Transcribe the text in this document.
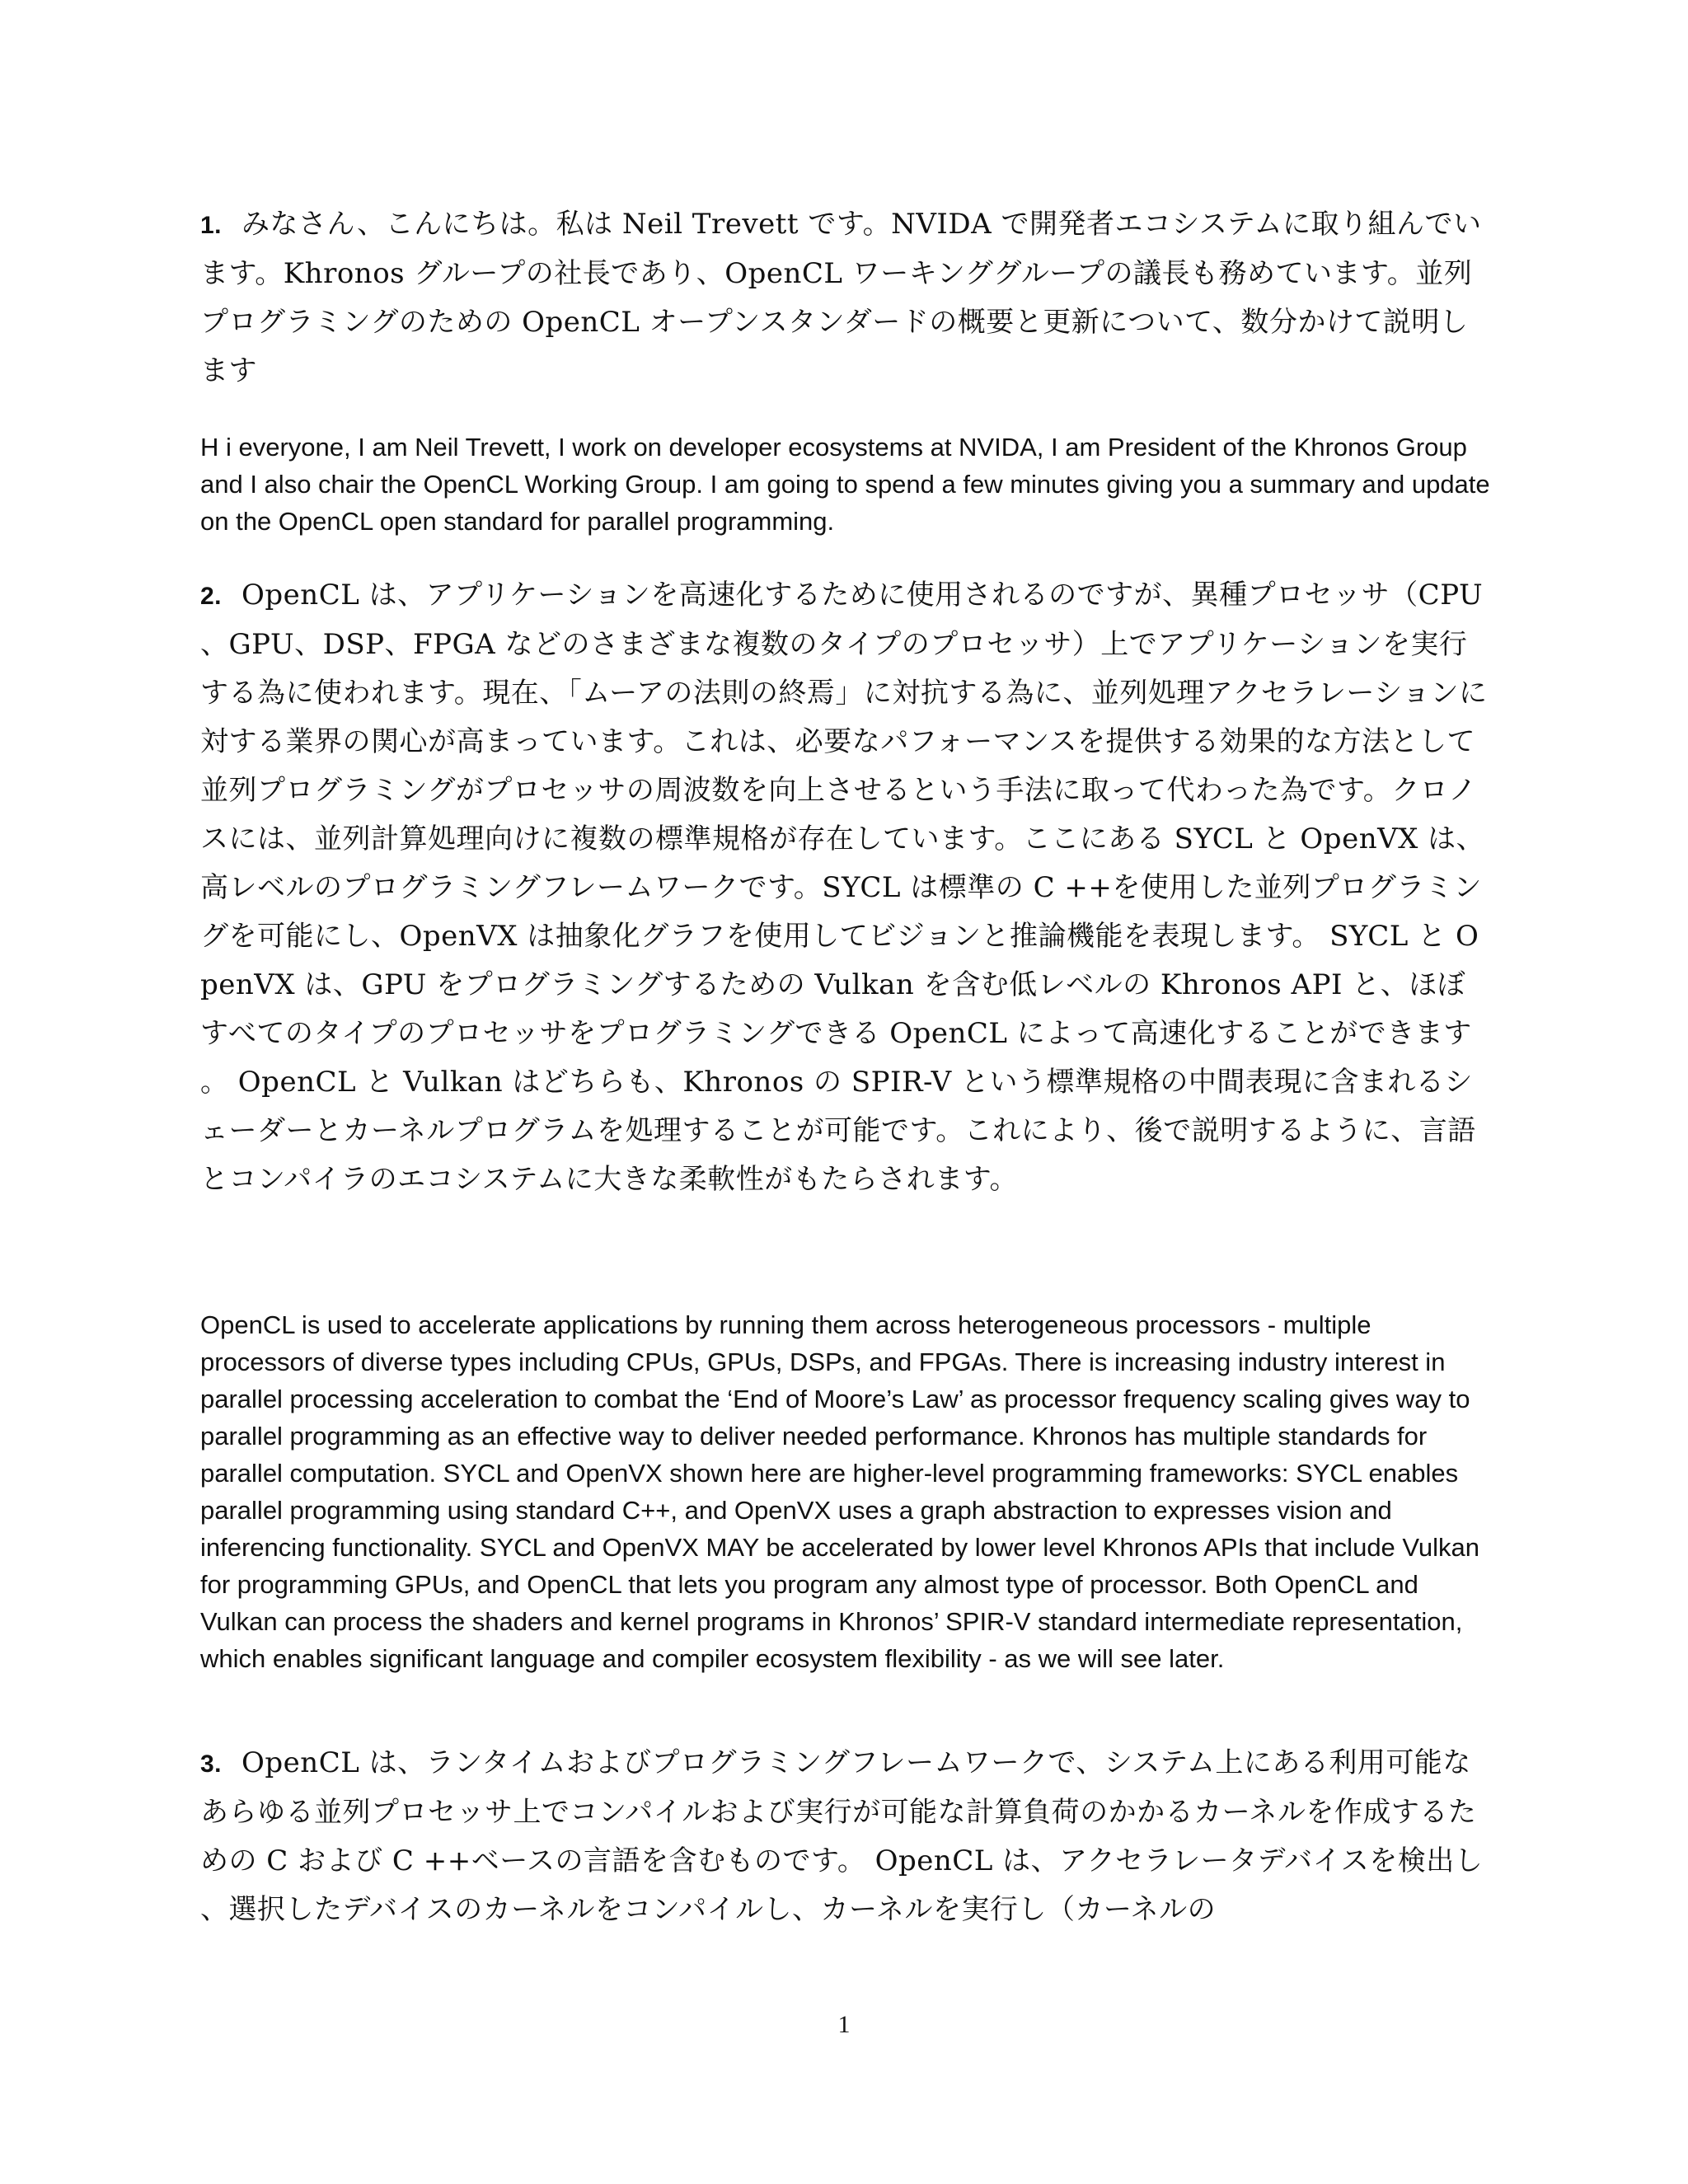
1. みなさん、こんにちは。私は Neil Trevett です。NVIDA で開発者エコシステムに取り組んでいます。Khronos グループの社長であり、OpenCL ワーキンググループの議長も務めています。並列プログラミングのための OpenCL オープンスタンダードの概要と更新について、数分かけて説明します

H i everyone, I am Neil Trevett, I work on developer ecosystems at NVIDA, I am President of the Khronos Group and I also chair the OpenCL Working Group. I am going to spend a few minutes giving you a summary and update on the OpenCL open standard for parallel programming.

2. OpenCL は、アプリケーションを高速化するために使用されるのですが、異種プロセッサ（CPU、GPU、DSP、FPGA などのさまざまな複数のタイプのプロセッサ）上でアプリケーションを実行する為に使われます。現在、「ムーアの法則の終焉」に対抗する為に、並列処理アクセラレーションに対する業界の関心が高まっています。これは、必要なパフォーマンスを提供する効果的な方法として並列プログラミングがプロセッサの周波数を向上させるという手法に取って代わった為です。クロノスには、並列計算処理向けに複数の標準規格が存在しています。ここにある SYCL と OpenVX は、高レベルのプログラミングフレームワークです。SYCL は標準の C ++を使用した並列プログラミングを可能にし、OpenVX は抽象化グラフを使用してビジョンと推論機能を表現します。 SYCL と OpenVX は、GPU をプログラミングするための Vulkan を含む低レベルの Khronos API と、ほぼすべてのタイプのプロセッサをプログラミングできる OpenCL によって高速化することができます。 OpenCL と Vulkan はどちらも、Khronos の SPIR-V という標準規格の中間表現に含まれるシェーダーとカーネルプログラムを処理することが可能です。これにより、後で説明するように、言語とコンパイラのエコシステムに大きな柔軟性がもたらされます。

OpenCL is used to accelerate applications by running them across heterogeneous processors - multiple processors of diverse types including CPUs, GPUs, DSPs, and FPGAs. There is increasing industry interest in parallel processing acceleration to combat the ‘End of Moore’s Law’ as processor frequency scaling gives way to parallel programming as an effective way to deliver needed performance. Khronos has multiple standards for parallel computation. SYCL and OpenVX shown here are higher-level programming frameworks: SYCL enables parallel programming using standard C++, and OpenVX uses a graph abstraction to expresses vision and inferencing functionality. SYCL and OpenVX MAY be accelerated by lower level Khronos APIs that include Vulkan for programming GPUs, and OpenCL that lets you program any almost type of processor. Both OpenCL and Vulkan can process the shaders and kernel programs in Khronos’ SPIR-V standard intermediate representation, which enables significant language and compiler ecosystem flexibility - as we will see later.

3. OpenCL は、ランタイムおよびプログラミングフレームワークで、システム上にある利用可能なあらゆる並列プロセッサ上でコンパイルおよび実行が可能な計算負荷のかかるカーネルを作成するための C および C ++ベースの言語を含むものです。 OpenCL は、アクセラレータデバイスを検出し、選択したデバイスのカーネルをコンパイルし、カーネルを実行し（カーネルの

1
